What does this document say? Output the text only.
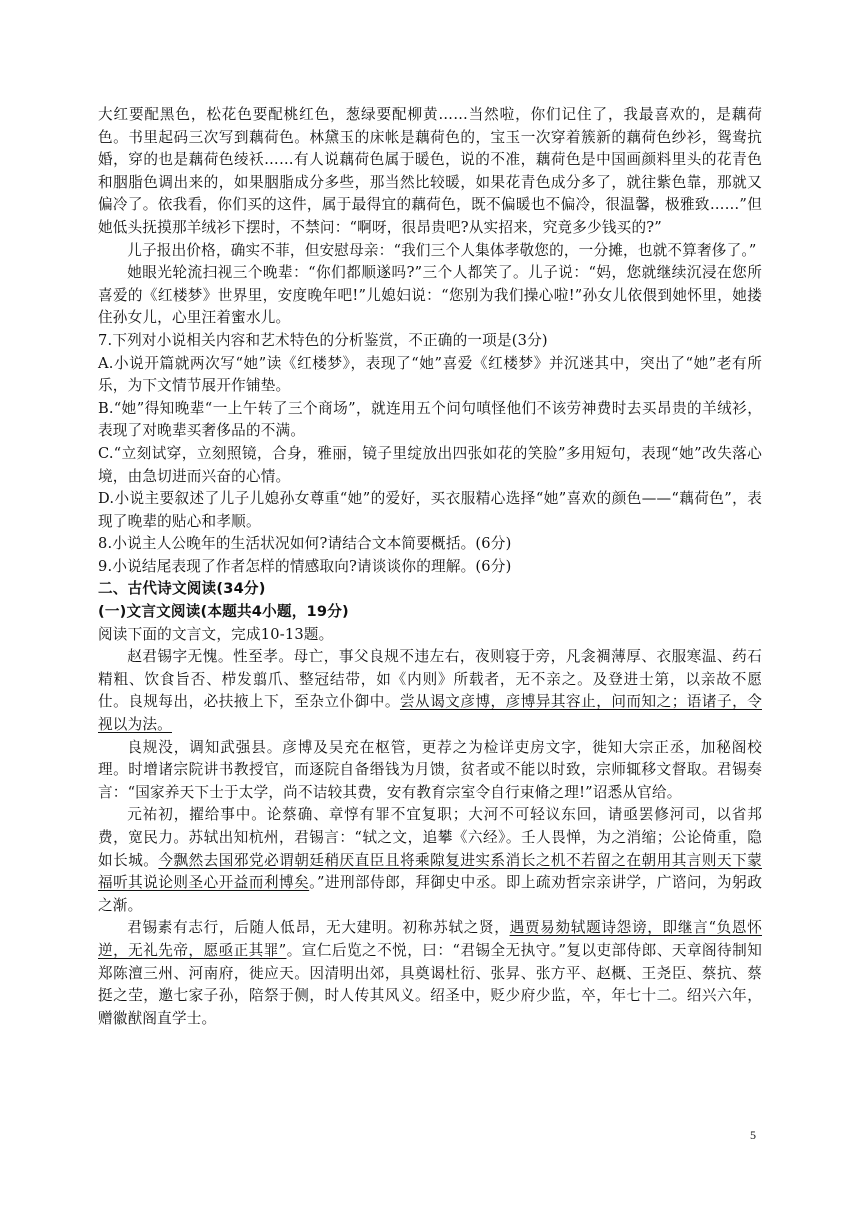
大红要配黑色，松花色要配桃红色，葱绿要配柳黄……当然啦，你们记住了，我最喜欢的，是藕荷色。书里起码三次写到藕荷色。林黛玉的床帐是藕荷色的，宝玉一次穿着簇新的藕荷色纱衫，鸳鸯抗婚，穿的也是藕荷色绫袄……有人说藕荷色属于暖色，说的不准，藕荷色是中国画颜料里头的花青色和胭脂色调出来的，如果胭脂成分多些，那当然比较暖，如果花青色成分多了，就往紫色靠，那就又偏冷了。依我看，你们买的这件，属于最得宜的藕荷色，既不偏暖也不偏冷，很温馨，极雅致……”但她低头抚摸那羊绒衫下摆时，不禁问：“啊呀，很昂贵吧?从实招来，究竟多少钱买的?”

儿子报出价格，确实不菲，但安慰母亲：“我们三个人集体孝敬您的，一分摊，也就不算奢侈了。”

她眼光轮流扫视三个晚辈：“你们都顺遂吗?”三个人都笑了。儿子说：“妈，您就继续沉浸在您所喜爱的《红楼梦》世界里，安度晚年吧!”儿媳妇说：“您别为我们操心啦!”孙女儿依偎到她怀里，她搂住孙女儿，心里汪着蜜水儿。

7.下列对小说相关内容和艺术特色的分析鉴赏，不正确的一项是(3分)

A.小说开篇就两次写“她”读《红楼梦》，表现了“她”喜爱《红楼梦》并沉迷其中，突出了“她”老有所乐，为下文情节展开作铺垫。

B.“她”得知晚辈“一上午转了三个商场”，就连用五个问句嗔怪他们不该劳神费时去买昂贵的羊绒衫，表现了对晚辈买奢侈品的不满。

C.“立刻试穿，立刻照镜，合身，雅丽，镜子里绽放出四张如花的笑脸”多用短句，表现“她”改失落心境，由急切进而兴奋的心情。

D.小说主要叙述了儿子儿媳孙女尊重“她”的爱好，买衣服精心选择“她”喜欢的颜色——“藕荷色”，表现了晚辈的贴心和孝顺。

8.小说主人公晚年的生活状况如何?请结合文本简要概括。(6分)

9.小说结尾表现了作者怎样的情感取向?请谈谈你的理解。(6分)

二、古代诗文阅读(34分)

(一)文言文阅读(本题共4小题，19分)

阅读下面的文言文，完成10-13题。

赵君锡字无愧。性至孝。母亡，事父良规不违左右，夜则寝于旁，凡衾裯薄厚、衣服寒温、药石精粗、饮食旨否、栉发翦爪、整冠结带，如《内则》所载者，无不亲之。及登进士第，以亲故不愿仕。良规每出，必扶掖上下，至杂立仆御中。尝从谒文彦博，彦博异其容止，问而知之；语诸子，令视以为法。

良规没，调知武强县。彦博及吴充在枢管，更荐之为检详吏房文字，徙知大宗正丞，加秘阁校理。时增诸宗院讲书教授官，而逐院自备缗钱为月馈，贫者或不能以时致，宗师辄移文督取。君锡奏言：“国家养天下士于太学，尚不诘较其费，安有教育宗室令自行束脩之理!”诏悉从官给。

元祐初，擢给事中。论蔡确、章惇有罪不宜复职；大河不可轻议东回，请亟罢修河司，以省邦费，宽民力。苏轼出知杭州，君锡言：“轼之文，追攀《六经》。壬人畏惮，为之消缩；公论倚重，隐如长城。今飘然去国邪党必谓朝廷稍厌直臣且将乘隙复进实系消长之机不若留之在朝用其言则天下蒙福听其说论则圣心开益而利博矣。”进刑部侍郎，拜御史中丞。即上疏劝哲宗亲讲学，广谘问，为躬政之渐。

君锡素有志行，后随人低昂，无大建明。初称苏轼之贤，遇贾易劾轼题诗怨谤，即继言“负恩怀逆，无礼先帝，愿亟正其罪”。宣仁后览之不悦，曰：“君锡全无执守。”复以吏部侍郎、天章阁待制知郑陈澶三州、河南府，徙应天。因清明出郊，具奠谒杜衍、张昇、张方平、赵概、王尧臣、蔡抗、蔡挺之茔，邀七家子孙，陪祭于侧，时人传其风义。绍圣中，贬少府少监，卒，年七十二。绍兴六年，赠徽猷阁直学士。

5
